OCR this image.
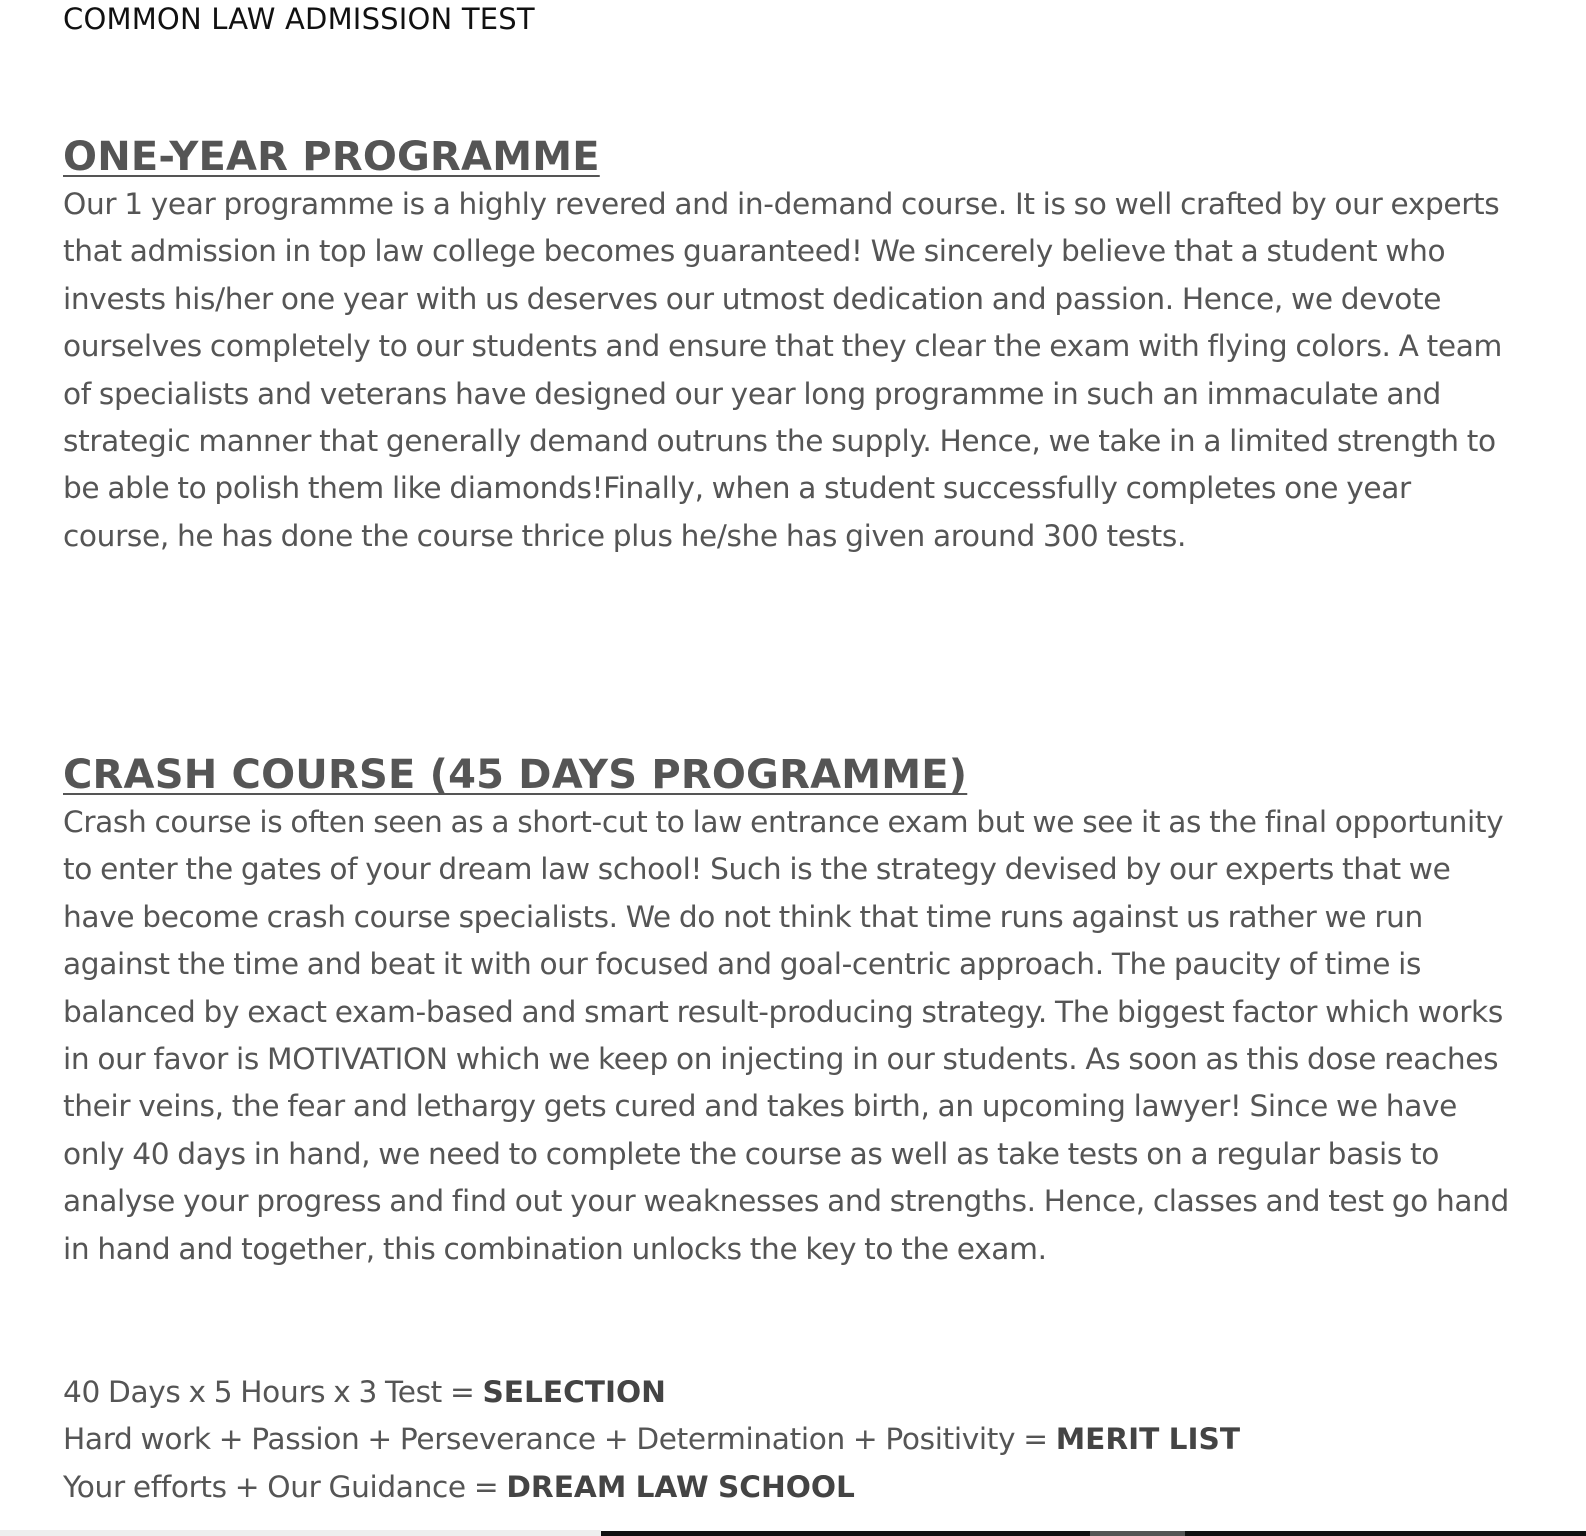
COMMON LAW ADMISSION TEST
ONE-YEAR PROGRAMME

Our 1 year programme is a highly revered and in-demand course. It is so well crafted by our experts that admission in top law college becomes guaranteed! We sincerely believe that a student who invests his/her one year with us deserves our utmost dedication and passion. Hence, we devote ourselves completely to our students and ensure that they clear the exam with flying colors. A team of specialists and veterans have designed our year long programme in such an immaculate and strategic manner that generally demand outruns the supply. Hence, we take in a limited strength to be able to polish them like diamonds!Finally, when a student successfully completes one year course, he has done the course thrice plus he/she has given around 300 tests.

CRASH COURSE (45 DAYS PROGRAMME)

Crash course is often seen as a short-cut to law entrance exam but we see it as the final opportunity to enter the gates of your dream law school! Such is the strategy devised by our experts that we have become crash course specialists. We do not think that time runs against us rather we run against the time and beat it with our focused and goal-centric approach. The paucity of time is balanced by exact exam-based and smart result-producing strategy. The biggest factor which works in our favor is MOTIVATION which we keep on injecting in our students. As soon as this dose reaches their veins, the fear and lethargy gets cured and takes birth, an upcoming lawyer! Since we have only 40 days in hand, we need to complete the course as well as take tests on a regular basis to analyse your progress and find out your weaknesses and strengths. Hence, classes and test go hand in hand and together, this combination unlocks the key to the exam.

40 Days x 5 Hours x 3 Test = SELECTION
Hard work + Passion + Perseverance + Determination + Positivity = MERIT LIST
Your efforts + Our Guidance = DREAM LAW SCHOOL
